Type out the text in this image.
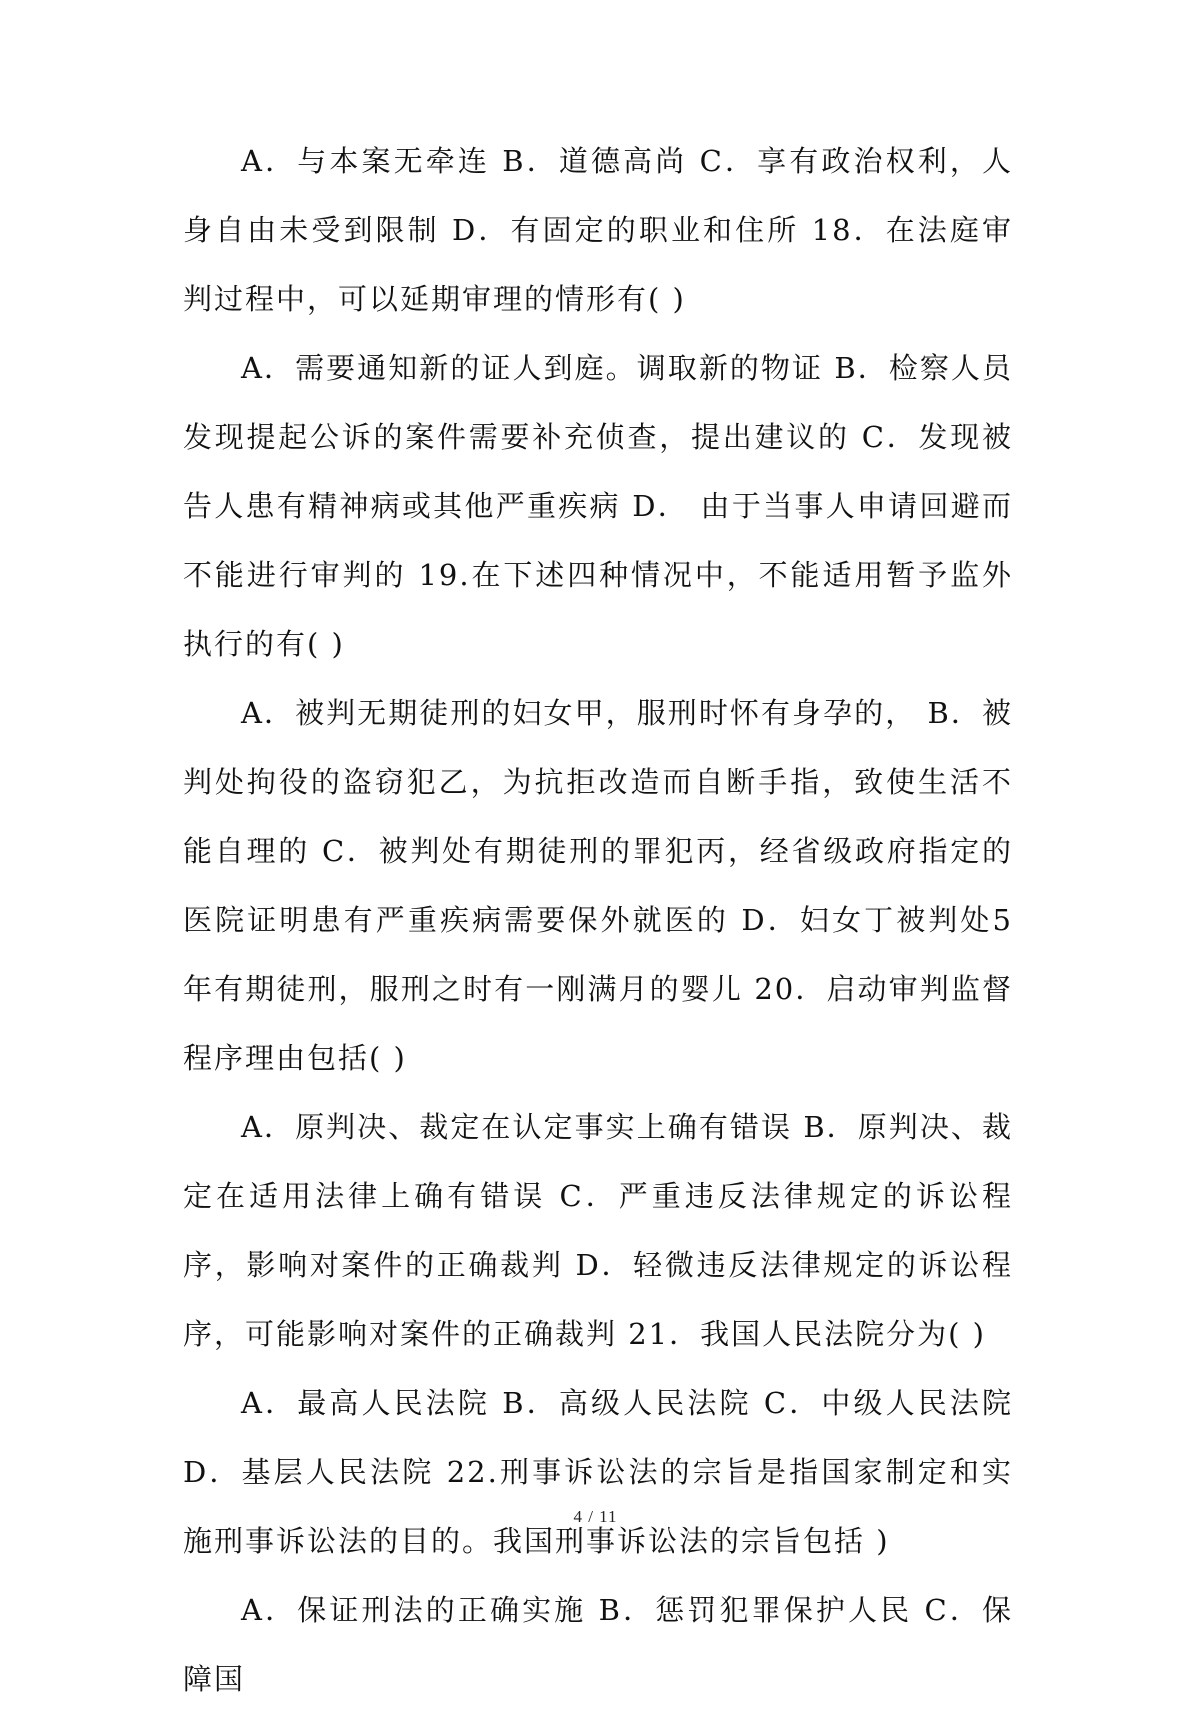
A．与本案无牵连 B．道德高尚 C．享有政治权利，人身自由未受到限制 D．有固定的职业和住所 18．在法庭审判过程中，可以延期审理的情形有( )

A．需要通知新的证人到庭。调取新的物证 B．检察人员发现提起公诉的案件需要补充侦查，提出建议的 C．发现被告人患有精神病或其他严重疾病 D． 由于当事人申请回避而不能进行审判的 19.在下述四种情况中，不能适用暂予监外执行的有( )

A．被判无期徒刑的妇女甲，服刑时怀有身孕的， B．被判处拘役的盗窃犯乙，为抗拒改造而自断手指，致使生活不能自理的 C．被判处有期徒刑的罪犯丙，经省级政府指定的医院证明患有严重疾病需要保外就医的 D．妇女丁被判处5年有期徒刑，服刑之时有一刚满月的婴儿 20．启动审判监督程序理由包括( )

A．原判决、裁定在认定事实上确有错误 B．原判决、裁定在适用法律上确有错误 C．严重违反法律规定的诉讼程序，影响对案件的正确裁判 D．轻微违反法律规定的诉讼程序，可能影响对案件的正确裁判 21．我国人民法院分为( )

A．最高人民法院 B．高级人民法院 C．中级人民法院 D．基层人民法院 22.刑事诉讼法的宗旨是指国家制定和实施刑事诉讼法的目的。我国刑事诉讼法的宗旨包括 )

A．保证刑法的正确实施 B．惩罚犯罪保护人民 C．保障国

4 / 11
